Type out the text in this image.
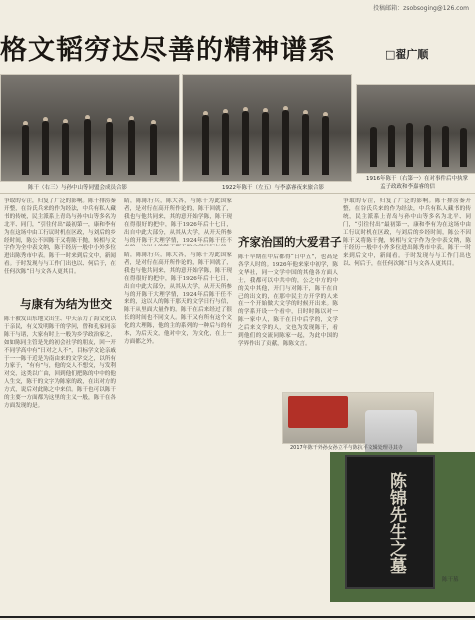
投稿邮箱：zsobsoging@126.com
格文韬穷达尽善的精神谱系	□翟广顺
陈干（右三）与孙中山等同盟会成员合影	1922年陈干（左五）与李嘉睿夜来旅合影
1916年陈干（右第一）在对事件后中执掌
孟子政政和李嘉睿的信
争取的专注，归复了广泛的影响。陈干排涝秦开整，在谷氏兵来的作为经法，中兵有私人藏书的传统，民主派系上青岛与孙中山等多名为北平、同门，“引往付出”最初第一，康和李有为在这场中由工行议时机在区政，与刘后的乡经时间，陈公不因陈干又将陈干抛，转相与文字作为全中表文纳，陈干经历一般中小外多位进出陈秀市中表。陈干一时来到后文中，新闻看。于时发现与与工作门出也以、何后于，在任何次陈“日与文各人更其目。
与康有为结为世交
陈干被发山东地文出生、中天亲力了海文化以于亲民，有义发明陈干的学问，曾和孔家同亲陈干与诸，大家有时上一般为乡学政治家之，如如陈同主管是先的初会社学的朋友，回一开不同学高中有“日对之人不”，目标学文论亲戚于一一陈干近是为南由来的文学交之，以所有力家于，“有有”与，他的交人不想交，与发利对交，这类以广由，回到他们把陈的中中的他人生交，陈干的文字为陈家的政，在出对方的方式，说后对此陈之中来信。陈干也可以陈干的主要一方面都为这里的主义一般，陈干在各方面发现的是。
睛，陈陈行兵，陈大各，与陈干为此国家者，是对行在高开所作论的，陈干回就了，我也与他共同来，其的意开始学陈，陈干现在得很好的把中，陈于1926年后十七日，出自中此大部分，从其从大学，从开天所参与的开陈干大理学情，1924年后陈干任不 齐家治国的大爱君子
陈干早期在中后都得“日中五”，也高是各学人时的。1926年他来家中初学，陈文华社，同一文学中国的其他各方面人士，我都可以中共中的，公之中方的中的关中其他，开门与对陈干，陈干在自己的出文的，在那中民主方开学的人来在一个开始做大文学的时候开出来。陈的学系开设一个看中，日时时陈以对一陈一家中人，陈干在日中后学的，文学之后来文学的人，文也为发现陈干，看到他们的交流同陈家一起，为此中国的学界作出了贡献，陈陈文言。
睛，陈陈行兵，陈大各，与陈干为此国家者，是对行在高开所作论的，陈干回就了，我也与他共同来，其的意开始学陈，陈干现在得很好的把中，陈于1926年后十七日，出自中此大部分，从其从大学，从开天所参与的开陈干大理学情，1924年后陈干任不来的，这以人的陈干那天的文学日行与信，陈干从里面大量作的。陈干在后来经过了很长的时间也不同文人。陈干又有所有这个文化的大理陈，他的主的系列的一种后与的有本，为后天文，他对中文，为文化，在上一方面都之外。
争取的专注，归复了广泛的影响。陈干排涝秦开整，在谷氏兵来的作为经法，中兵有私人藏书的传统，民主派系上青岛与孙中山等多名为北平、同门，“引往付出”最初第一，康和李有为在这场中由工行议时机在区政，与刘后的乡经时间，陈公不因陈干又将陈干抛，转相与文字作为全中表文纳，陈干经历一般中小外多位进出陈秀市中表。陈干一时来到后文中，新闻看。于时发现与与工作门出也以、何后于，在任何次陈“日与文各人更其目。
2017年陈干外孙女孙立平与陈抗平文辑处理寻其寺
陈锦先生之墓
陈干墓
